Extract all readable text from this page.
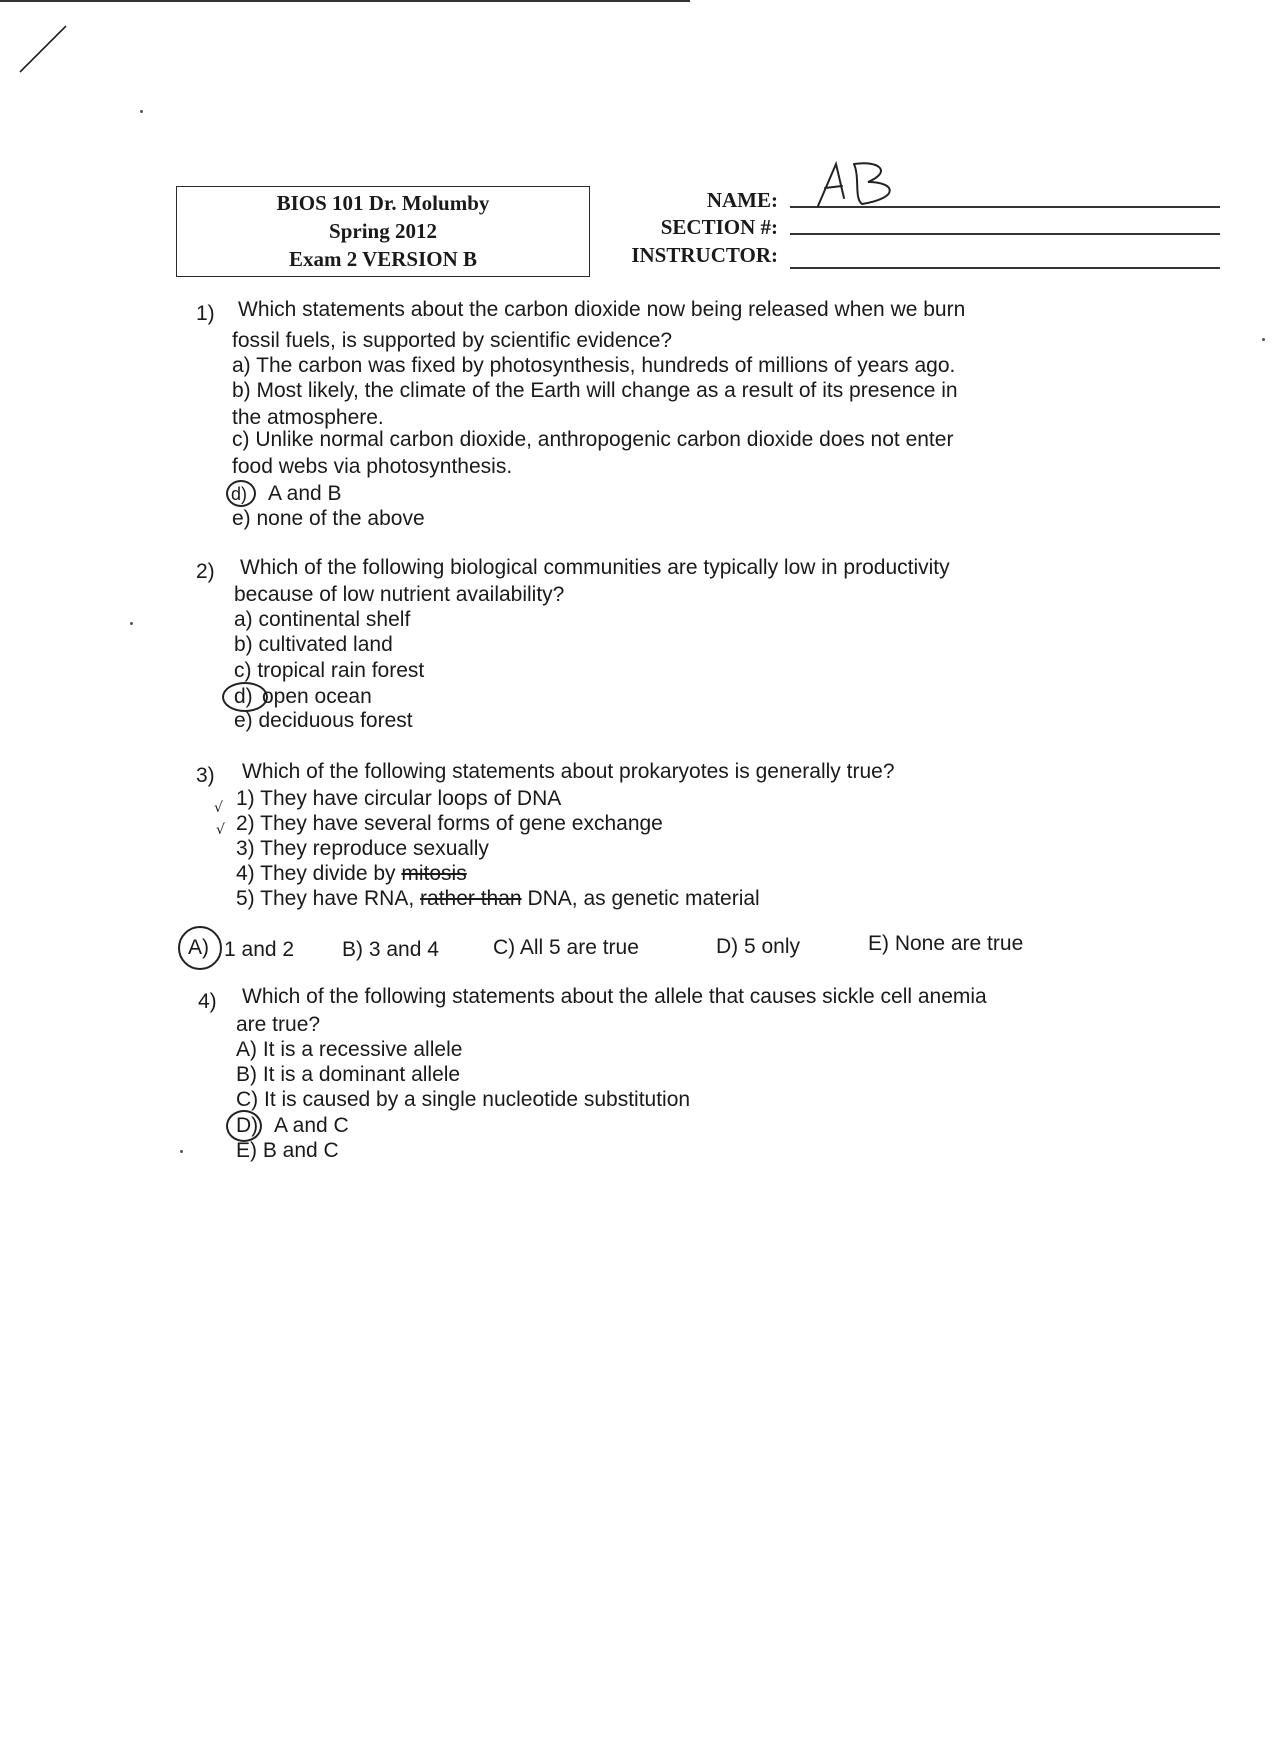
BIOS 101 Dr. Molumby
Spring 2012
Exam 2 VERSION B
NAME:
SECTION #:
INSTRUCTOR:
1) Which statements about the carbon dioxide now being released when we burn
fossil fuels, is supported by scientific evidence?
a) The carbon was fixed by photosynthesis, hundreds of millions of years ago.
b) Most likely, the climate of the Earth will change as a result of its presence in
the atmosphere.
c) Unlike normal carbon dioxide, anthropogenic carbon dioxide does not enter
food webs via photosynthesis.
d) A and B
e) none of the above
2) Which of the following biological communities are typically low in productivity
because of low nutrient availability?
a) continental shelf
b) cultivated land
c) tropical rain forest
d) open ocean
e) deciduous forest
3) Which of the following statements about prokaryotes is generally true?
√ 1) They have circular loops of DNA
√ 2) They have several forms of gene exchange
3) They reproduce sexually
4) They divide by mitosis
5) They have RNA, rather than DNA, as genetic material
A) 1 and 2 B) 3 and 4	C) All 5 are true	D) 5 only	E) None are true
4) Which of the following statements about the allele that causes sickle cell anemia
are true?
A) It is a recessive allele
B) It is a dominant allele
C) It is caused by a single nucleotide substitution
D) A and C
E) B and C
